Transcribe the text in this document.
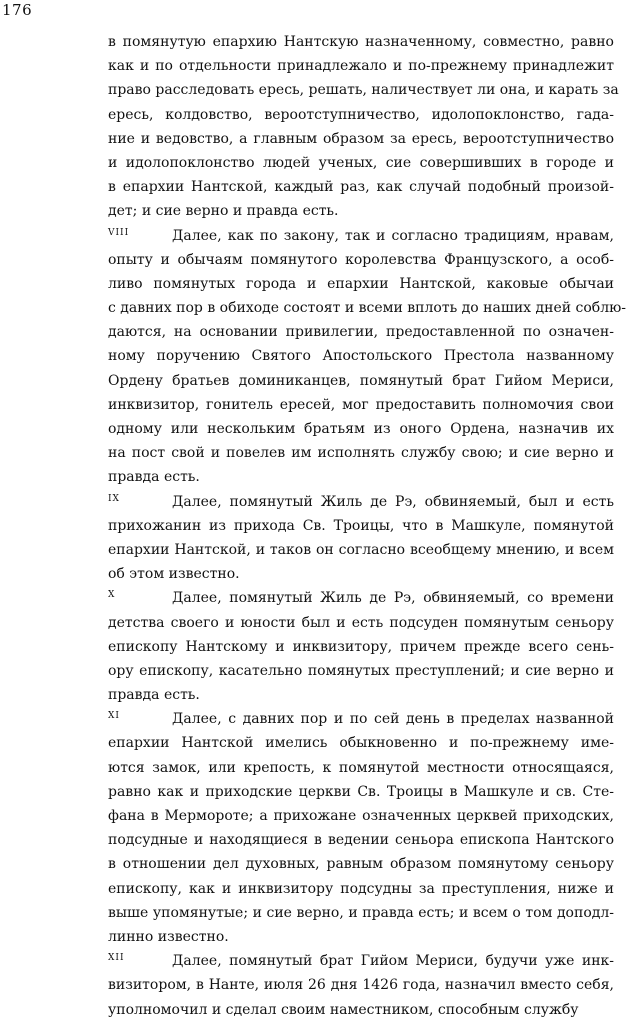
176
в помянутую епархию Нантскую назначенному, совместно, равно
как и по отдельности принадлежало и по-прежнему принадлежит
право расследовать ересь, решать, наличествует ли она, и карать за
ересь, колдовство, вероотступничество, идолопоклонство, гада-
ние и ведовство, а главным образом за ересь, вероотступничество
и идолопоклонство людей ученых, сие совершивших в городе и
в епархии Нантской, каждый раз, как случай подобный произой-
дет; и сие верно и правда есть.
viii	Далее, как по закону, так и согласно традициям, нравам,
опыту и обычаям помянутого королевства Французского, а особ-
ливо помянутых города и епархии Нантской, каковые обычаи
с давних пор в обиходе состоят и всеми вплоть до наших дней соблю-
даются, на основании привилегии, предоставленной по означен-
ному поручению Святого Апостольского Престола названному
Ордену братьев доминиканцев, помянутый брат Гийом Мериси,
инквизитор, гонитель ересей, мог предоставить полномочия свои
одному или нескольким братьям из оного Ордена, назначив их
на пост свой и повелев им исполнять службу свою; и сие верно и
правда есть.
ix	Далее, помянутый Жиль де Рэ, обвиняемый, был и есть
прихожанин из прихода Св. Троицы, что в Машкуле, помянутой
епархии Нантской, и таков он согласно всеобщему мнению, и всем
об этом известно.
x	Далее, помянутый Жиль де Рэ, обвиняемый, со времени
детства своего и юности был и есть подсуден помянутым сеньору
епископу Нантскому и инквизитору, причем прежде всего сень-
ору епископу, касательно помянутых преступлений; и сие верно и
правда есть.
xi	Далее, с давних пор и по сей день в пределах названной
епархии Нантской имелись обыкновенно и по-прежнему име-
ются замок, или крепость, к помянутой местности относящаяся,
равно как и приходские церкви Св. Троицы в Машкуле и св. Сте-
фана в Мермороте; а прихожане означенных церквей приходских,
подсудные и находящиеся в ведении сеньора епископа Нантского
в отношении дел духовных, равным образом помянутому сеньору
епископу, как и инквизитору подсудны за преступления, ниже и
выше упомянутые; и сие верно, и правда есть; и всем о том доподл-
линно известно.
xii	Далее, помянутый брат Гийом Мериси, будучи уже инк-
визитором, в Нанте, июля 26 дня 1426 года, назначил вместо себя,
уполномочил и сделал своим наместником, способным службу
